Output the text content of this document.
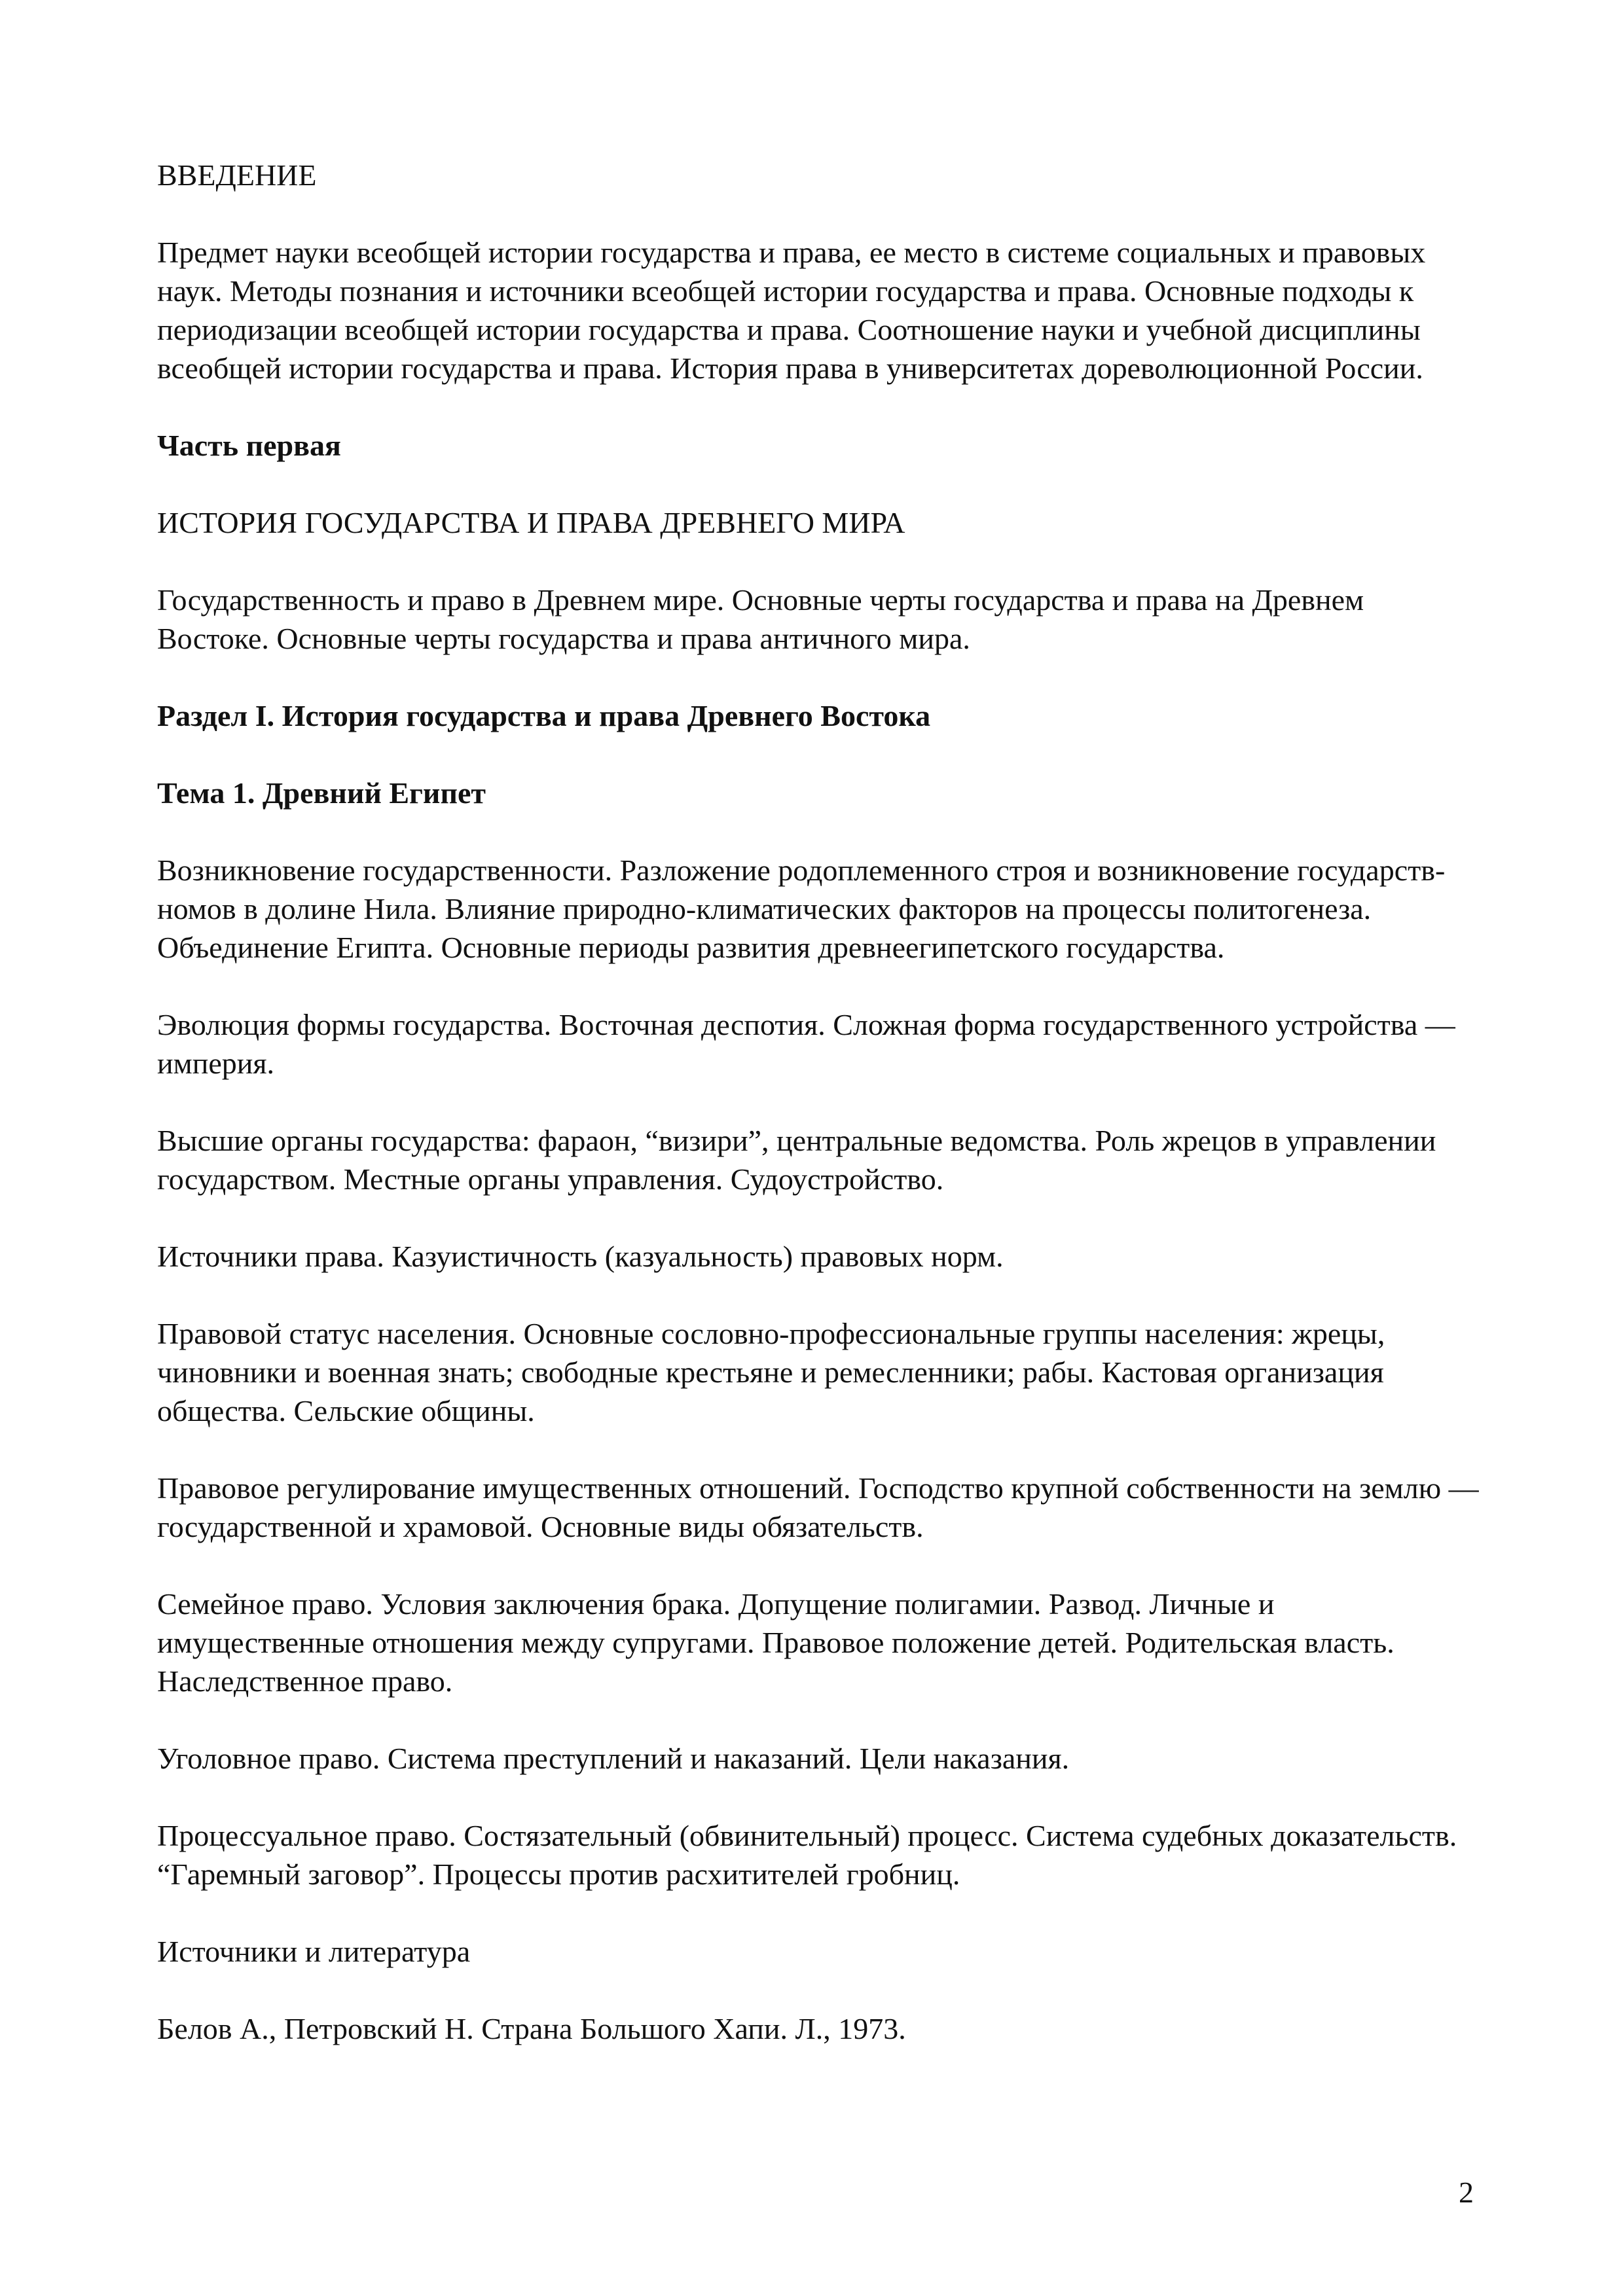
ВВЕДЕНИЕ

Предмет науки всеобщей истории государства и права, ее место в системе социальных и правовых наук. Методы познания и источники всеобщей истории государства и права. Основные подходы к периодизации всеобщей истории государства и права. Соотношение науки и учебной дисциплины всеобщей истории государства и права. История права в университетах дореволюционной России.

Часть первая

ИСТОРИЯ ГОСУДАРСТВА И ПРАВА ДРЕВНЕГО МИРА

Государственность и право в Древнем мире. Основные черты государства и права на Древнем Востоке. Основные черты государства и права античного мира.

Раздел I. История государства и права Древнего Востока

Тема 1. Древний Египет

Возникновение государственности. Разложение родоплеменного строя и возникновение государств-номов в долине Нила. Влияние природно-климатических факторов на процессы политогенеза. Объединение Египта. Основные периоды развития древнеегипетского государства.

Эволюция формы государства. Восточная деспотия. Сложная форма государственного устройства — империя.

Высшие органы государства: фараон, “визири”, центральные ведомства. Роль жрецов в управлении государством. Местные органы управления. Судоустройство.

Источники права. Казуистичность (казуальность) правовых норм.

Правовой статус населения. Основные сословно-профессиональные группы населения: жрецы, чиновники и военная знать; свободные крестьяне и ремесленники; рабы. Кастовая организация общества. Сельские общины.

Правовое регулирование имущественных отношений. Господство крупной собственности на землю — государственной и храмовой. Основные виды обязательств.

Семейное право. Условия заключения брака. Допущение полигамии. Развод. Личные и имущественные отношения между супругами. Правовое положение детей. Родительская власть. Наследственное право.

Уголовное право. Система преступлений и наказаний. Цели наказания.

Процессуальное право. Состязательный (обвинительный) процесс. Система судебных доказательств. “Гаремный заговор”. Процессы против расхитителей гробниц.

Источники и литература

Белов А., Петровский Н. Страна Большого Хапи. Л., 1973.

2
